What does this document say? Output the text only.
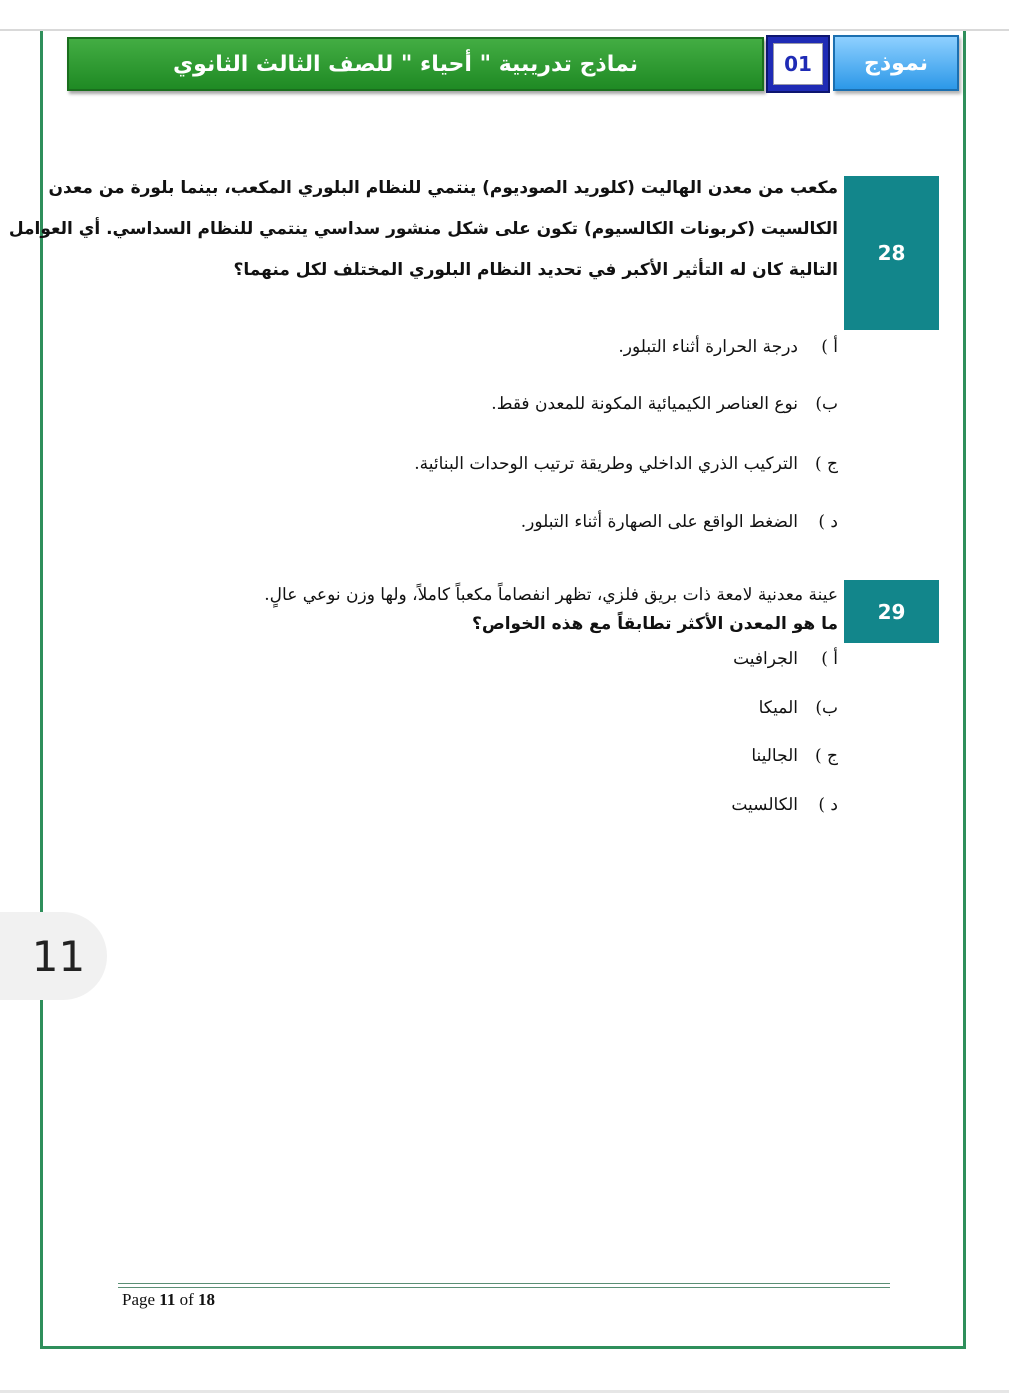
نماذج تدريبية " أحياء " للصف الثالث الثانوي	01	نموذج
28
مكعب من معدن الهاليت (كلوريد الصوديوم) ينتمي للنظام البلوري المكعب، بينما بلورة من معدن
الكالسيت (كربونات الكالسيوم) تكون على شكل منشور سداسي ينتمي للنظام السداسي. أي العوامل
التالية كان له التأثير الأكبر في تحديد النظام البلوري المختلف لكل منهما؟
أ )
درجة الحرارة أثناء التبلور.
ب)
نوع العناصر الكيميائية المكونة للمعدن فقط.
ج )
التركيب الذري الداخلي وطريقة ترتيب الوحدات البنائية.
د )
الضغط الواقع على الصهارة أثناء التبلور.
29
عينة معدنية لامعة ذات بريق فلزي، تظهر انفصاماً مكعباً كاملاً، ولها وزن نوعي عالٍ.
ما هو المعدن الأكثر تطابقاً مع هذه الخواص؟
أ )
الجرافيت
ب)
الميكا
ج )
الجالينا
د )
الكالسيت
11
Page 11 of 18
